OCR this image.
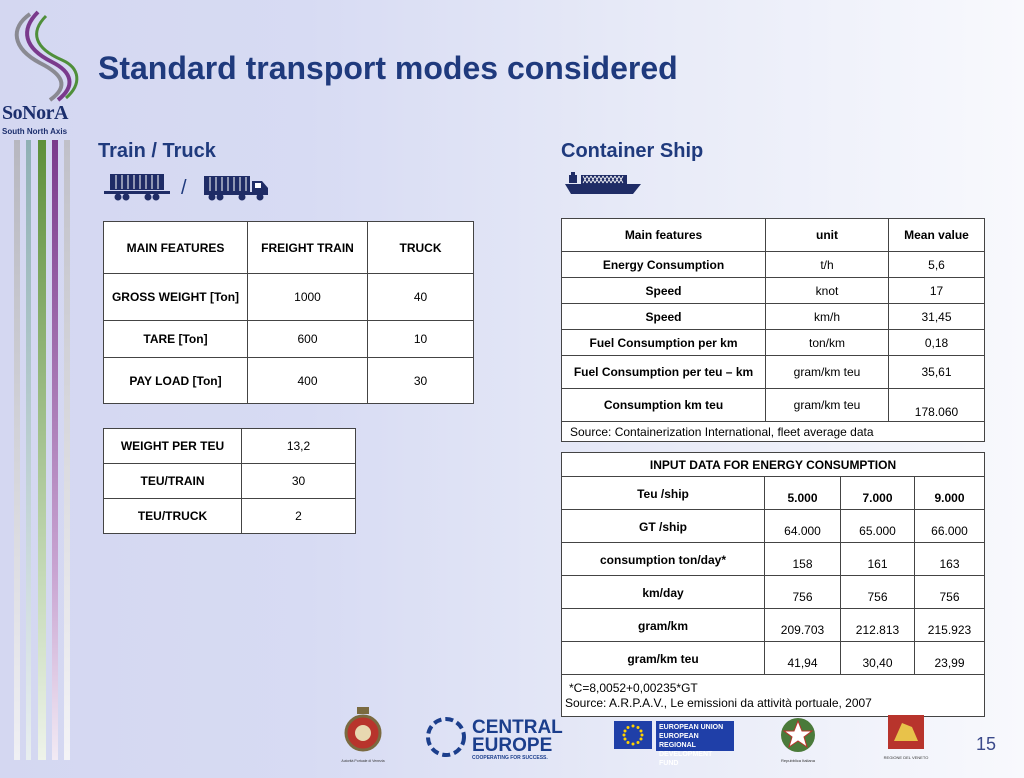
SoNorA
South North Axis
Standard transport modes considered
Train / Truck
/
MAIN FEATURES	FREIGHT TRAIN	TRUCK
GROSS WEIGHT [Ton]	1000	40
TARE [Ton]	600	10
PAY LOAD [Ton]	400	30
WEIGHT PER TEU	13,2
TEU/TRAIN	30
TEU/TRUCK	2
Container Ship
Main features	unit	Mean value
Energy Consumption	t/h	5,6
Speed	knot	17
Speed	km/h	31,45
Fuel Consumption per km	ton/km	0,18
Fuel Consumption per teu – km	gram/km teu	35,61
Consumption km teu	gram/km teu	178.060
Source: Containerization International, fleet average data		
INPUT DATA FOR ENERGY CONSUMPTION			
Teu /ship	5.000	7.000	9.000
GT /ship	64.000	65.000	66.000
consumption ton/day*	158	161	163
km/day	756	756	756
gram/km	209.703	212.813	215.923
gram/km teu	41,94	30,40	23,99

*C=8,0052+0,00235*GT
Source: A.R.P.A.V., Le emissioni da attività portuale, 2007			
Autorità Portuale di Venezia
CENTRAL
EUROPE
COOPERATING FOR SUCCESS.
EUROPEAN UNION
EUROPEAN REGIONAL
DEVELOPMENT FUND	Repubblica Italiana
REGIONE DEL VENETO
15
